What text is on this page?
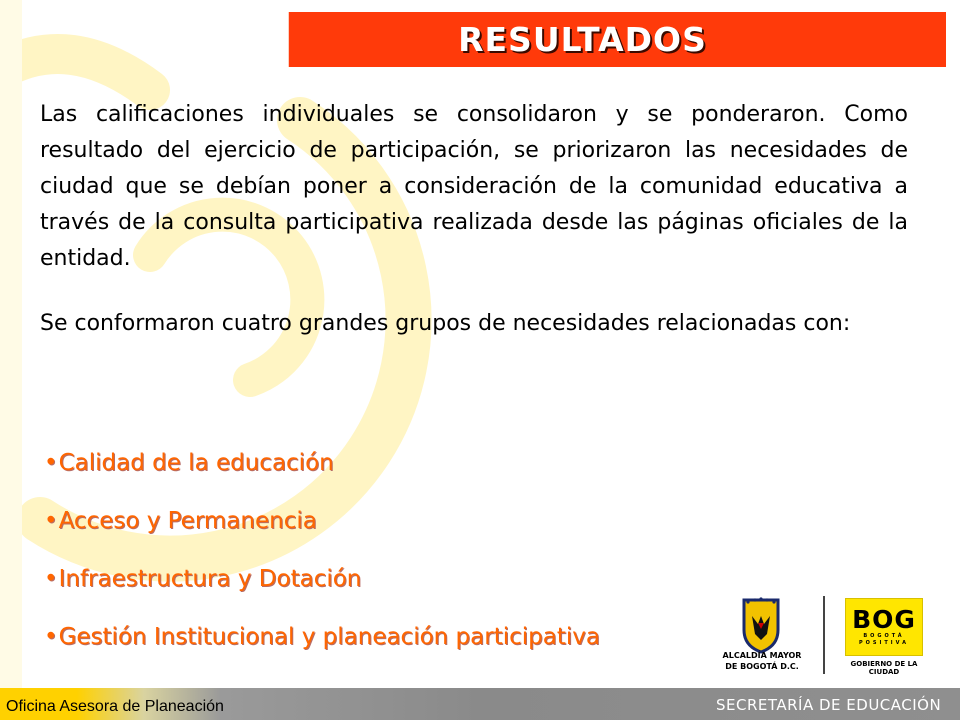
RESULTADOS
Las calificaciones individuales se consolidaron y se ponderaron. Como resultado del ejercicio de participación, se priorizaron las necesidades de ciudad que se debían poner a consideración de la comunidad educativa a través de la consulta participativa realizada desde las páginas oficiales de la entidad.
Se conformaron cuatro grandes grupos de necesidades relacionadas con:
•Calidad de la educación
•Acceso y Permanencia
•Infraestructura y Dotación
•Gestión Institucional y planeación participativa
ALCALDÍA MAYOR
DE BOGOTÁ D.C.
BOG
BOGOTÁ
POSITIVA
GOBIERNO DE LA CIUDAD
Oficina Asesora de Planeación	SECRETARÍA DE EDUCACIÓN
